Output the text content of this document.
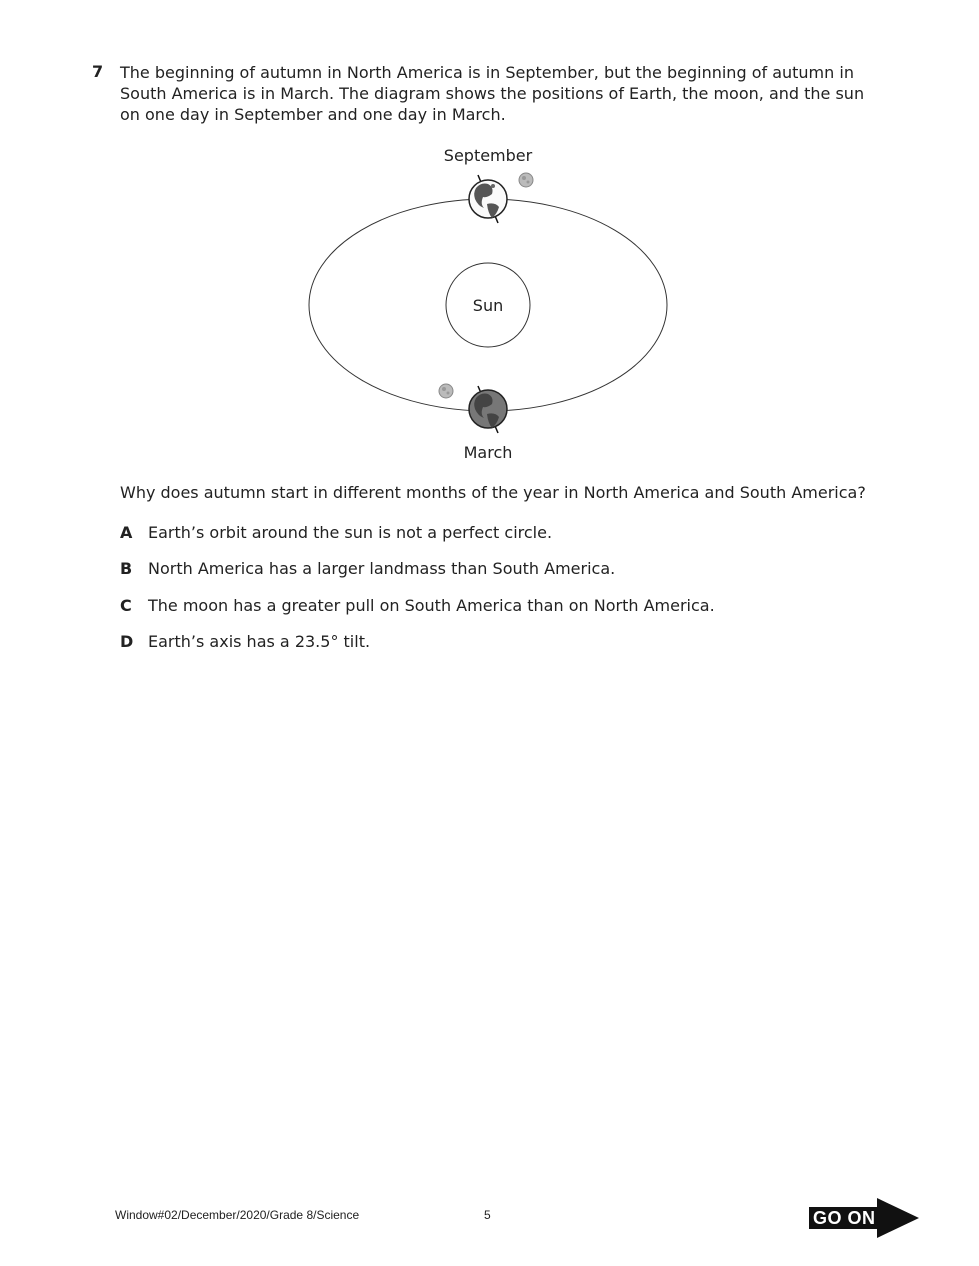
7 The beginning of autumn in North America is in September, but the beginning of autumn in South America is in March. The diagram shows the positions of Earth, the moon, and the sun on one day in September and one day in March.

Sun
September
March
Why does autumn start in different months of the year in North America and South America?
A Earth’s orbit around the sun is not a perfect circle.
B North America has a larger landmass than South America.
C The moon has a greater pull on South America than on North America.
D Earth’s axis has a 23.5° tilt.
Window#02/December/2020/Grade 8/Science	5	GO ON
